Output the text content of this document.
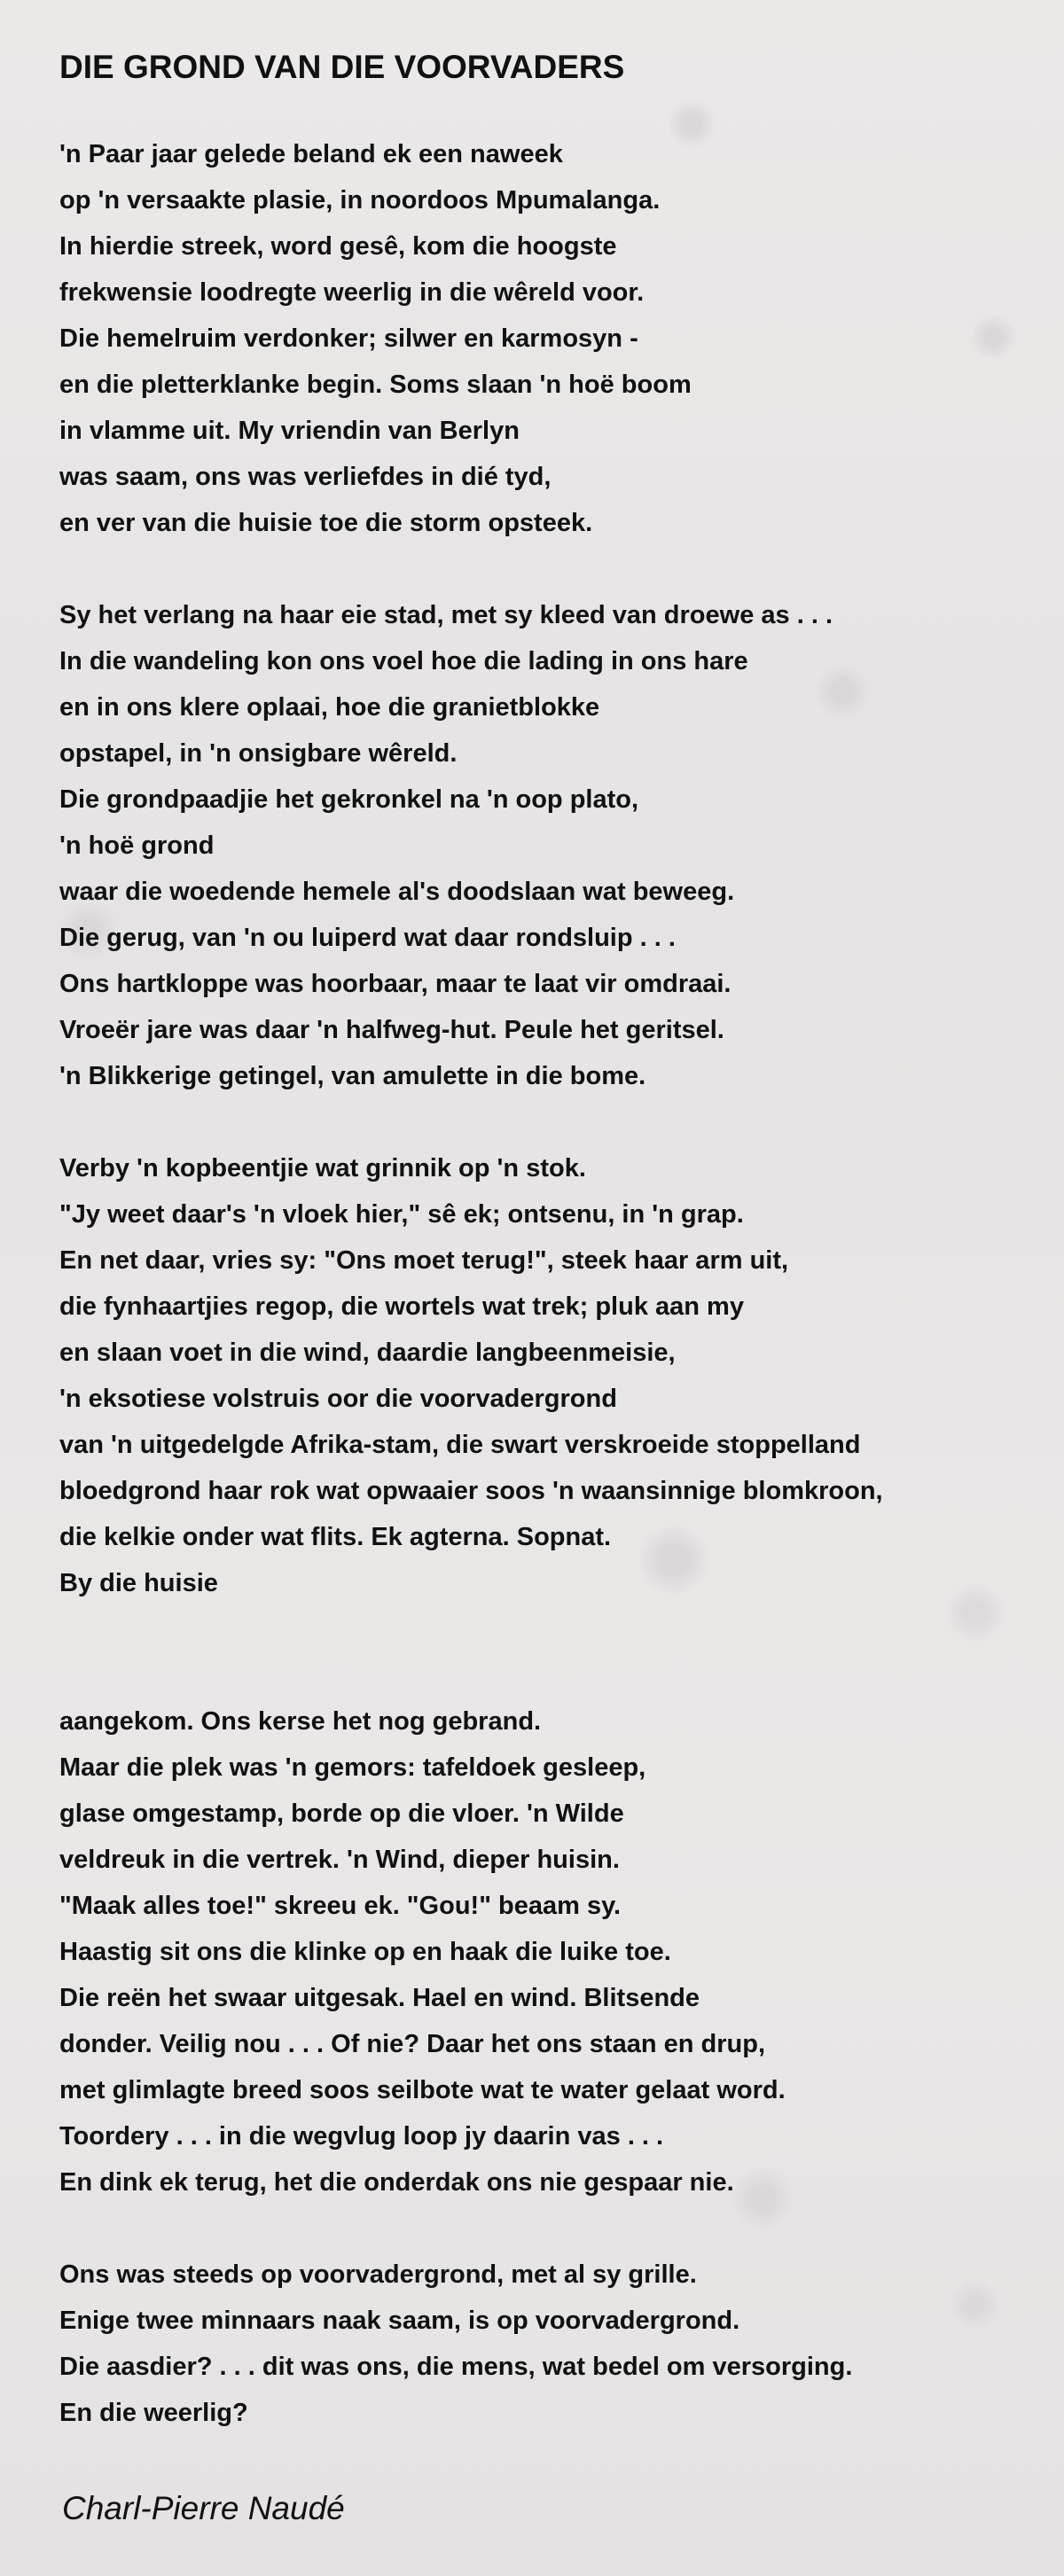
DIE GROND VAN DIE VOORVADERS
'n Paar jaar gelede beland ek een naweek
op 'n versaakte plasie, in noordoos Mpumalanga.
In hierdie streek, word gesê, kom die hoogste
frekwensie loodregte weerlig in die wêreld voor.
Die hemelruim verdonker; silwer en karmosyn -
en die pletterklanke begin. Soms slaan 'n hoë boom
in vlamme uit. My vriendin van Berlyn
was saam, ons was verliefdes in dié tyd,
en ver van die huisie toe die storm opsteek.
Sy het verlang na haar eie stad, met sy kleed van droewe as . . .
In die wandeling kon ons voel hoe die lading in ons hare
en in ons klere oplaai, hoe die granietblokke
opstapel, in 'n onsigbare wêreld.
Die grondpaadjie het gekronkel na 'n oop plato,
'n hoë grond
waar die woedende hemele al's doodslaan wat beweeg.
Die gerug, van 'n ou luiperd wat daar rondsluip . . .
Ons hartkloppe was hoorbaar, maar te laat vir omdraai.
Vroeër jare was daar 'n halfweg-hut. Peule het geritsel.
'n Blikkerige getingel, van amulette in die bome.
Verby 'n kopbeentjie wat grinnik op 'n stok.
"Jy weet daar's 'n vloek hier," sê ek; ontsenu, in 'n grap.
En net daar, vries sy: "Ons moet terug!", steek haar arm uit,
die fynhaartjies regop, die wortels wat trek; pluk aan my
en slaan voet in die wind, daardie langbeenmeisie,
'n eksotiese volstruis oor die voorvadergrond
van 'n uitgedelgde Afrika-stam, die swart verskroeide stoppelland
bloedgrond haar rok wat opwaaier soos 'n waansinnige blomkroon,
die kelkie onder wat flits. Ek agterna. Sopnat.
By die huisie
aangekom. Ons kerse het nog gebrand.
Maar die plek was 'n gemors: tafeldoek gesleep,
glase omgestamp, borde op die vloer. 'n Wilde
veldreuk in die vertrek. 'n Wind, dieper huisin.
"Maak alles toe!" skreeu ek. "Gou!" beaam sy.
Haastig sit ons die klinke op en haak die luike toe.
Die reën het swaar uitgesak. Hael en wind. Blitsende
donder. Veilig nou . . . Of nie? Daar het ons staan en drup,
met glimlagte breed soos seilbote wat te water gelaat word.
Toordery . . . in die wegvlug loop jy daarin vas . . .
En dink ek terug, het die onderdak ons nie gespaar nie.
Ons was steeds op voorvadergrond, met al sy grille.
Enige twee minnaars naak saam, is op voorvadergrond.
Die aasdier? . . . dit was ons, die mens, wat bedel om versorging.
En die weerlig?

Charl-Pierre Naudé
